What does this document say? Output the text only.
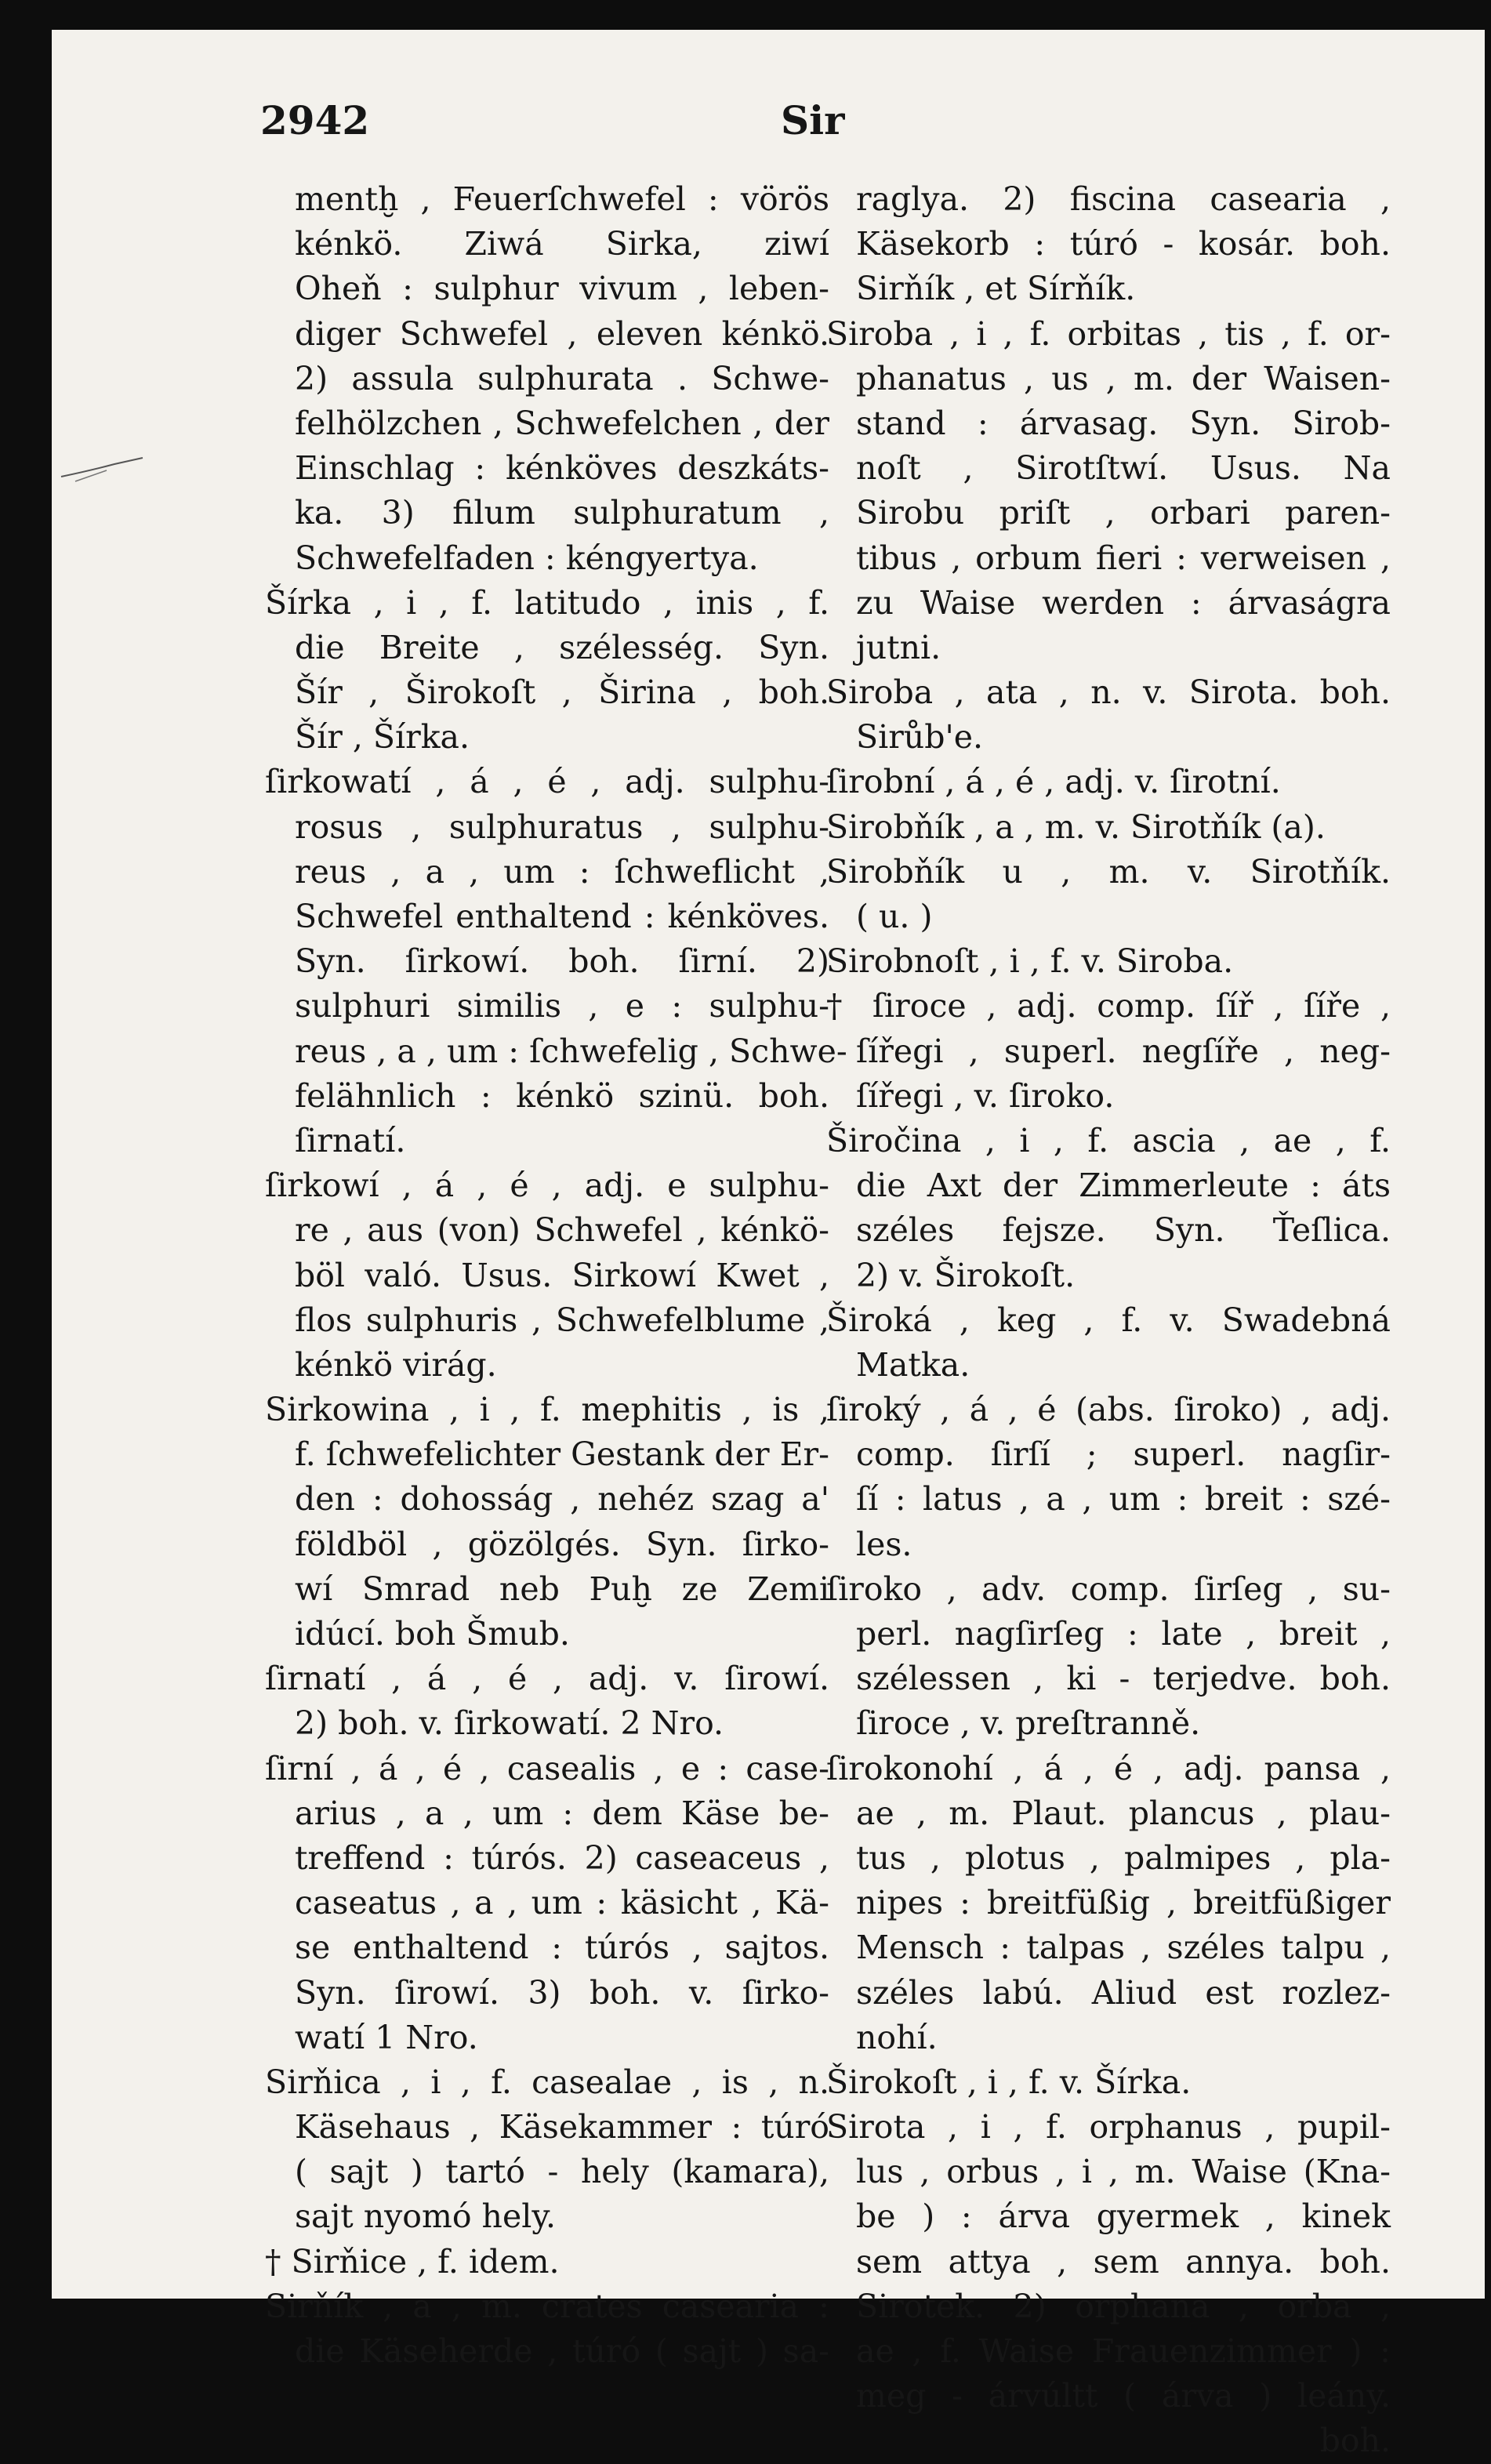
2942	Sir
mentḫ , Feuerſchwefel : vörös
kénkö. Ziwá Sirka, ziwí
Oheň : sulphur vivum , leben-
diger Schwefel , eleven kénkö.
2) assula sulphurata . Schwe-
felhölzchen , Schwefelchen , der
Einschlag : kénköves deszkáts-
ka. 3) filum sulphuratum ,
Schwefelfaden : kéngyertya.
Šírka , i , f. latitudo , inis , f.
die Breite , szélesség. Syn.
Šír , Širokoſt , Širina , boh.
Šír , Šírka.
ſirkowatí , á , é , adj. sulphu-
rosus , sulphuratus , sulphu-
reus , a , um : ſchweflicht ,
Schwefel enthaltend : kénköves.
Syn. ſirkowí. boh. ſirní. 2)
sulphuri similis , e : sulphu-
reus , a , um : ſchwefelig , Schwe-
felähnlich : kénkö szinü. boh.
ſirnatí.
ſirkowí , á , é , adj. e sulphu-
re , aus (von) Schwefel , kénkö-
böl való. Usus. Sirkowí Kwet ,
flos sulphuris , Schwefelblume ,
kénkö virág.
Sirkowina , i , f. mephitis , is ,
f. ſchwefelichter Gestank der Er-
den : dohosság , nehéz szag a'
földböl , gözölgés. Syn. ſirko-
wí Smrad neb Puḫ ze Zemi
idúcí. boh Šmub.
ſirnatí , á , é , adj. v. ſirowí.
2) boh. v. ſirkowatí. 2 Nro.
ſirní , á , é , casealis , e : case-
arius , a , um : dem Käse be-
treffend : túrós. 2) caseaceus ,
caseatus , a , um : käsicht , Kä-
se enthaltend : túrós , sajtos.
Syn. ſirowí. 3) boh. v. ſirko-
watí 1 Nro.
Sirňica , i , f. casealae , is , n.
Käsehaus , Käsekammer : túró
( sajt ) tartó - hely (kamara),
sajt nyomó hely.
† Sirňice , f. idem.
Sirňík , a , m. crates casearia :
die Käseherde , túró ( sajt ) sa-
raglya. 2) fiscina casearia ,
Käsekorb : túró - kosár. boh.
Sirňík , et Sírňík.
Siroba , i , f. orbitas , tis , f. or-
phanatus , us , m. der Waisen-
stand : árvasag. Syn. Sirob-
noſt , Sirotſtwí. Usus. Na
Sirobu priſt , orbari paren-
tibus , orbum fieri : verweisen ,
zu Waise werden : árvaságra
jutni.
Siroba , ata , n. v. Sirota. boh.
Sirůb'e.
ſirobní , á , é , adj. v. ſirotní.
Sirobňík , a , m. v. Sirotňík (a).
Sirobňík u , m. v. Sirotňík.
( u. )
Sirobnoſt , i , f. v. Siroba.
† ſiroce , adj. comp. ſíř , ſíře ,
ſířegi , superl. negſíře , neg-
ſířegi , v. ſiroko.
Širočina , i , f. ascia , ae , f.
die Axt der Zimmerleute : áts
széles fejsze. Syn. Ťeſlica.
2) v. Širokoſt.
Široká , keg , f. v. Swadebná
Matka.
ſiroký , á , é (abs. ſiroko) , adj.
comp. ſirſí ; superl. nagſir-
ſí : latus , a , um : breit : szé-
les.
ſiroko , adv. comp. ſirſeg , su-
perl. nagſirſeg : late , breit ,
szélessen , ki - terjedve. boh.
ſiroce , v. preſtranně.
ſirokonohí , á , é , adj. pansa ,
ae , m. Plaut. plancus , plau-
tus , plotus , palmipes , pla-
nipes : breitfüßig , breitfüßiger
Mensch : talpas , széles talpu ,
széles labú. Aliud est rozlez-
nohí.
Širokoſt , i , f. v. Šírka.
Sirota , i , f. orphanus , pupil-
lus , orbus , i , m. Waise (Kna-
be ) : árva gyermek , kinek
sem attya , sem annya. boh.
Sirotek. 2) orphana , orba ,
ae , f. Waise Frauenzimmer ) :
meg - árvúltt ( árva ) leány.
boh.
